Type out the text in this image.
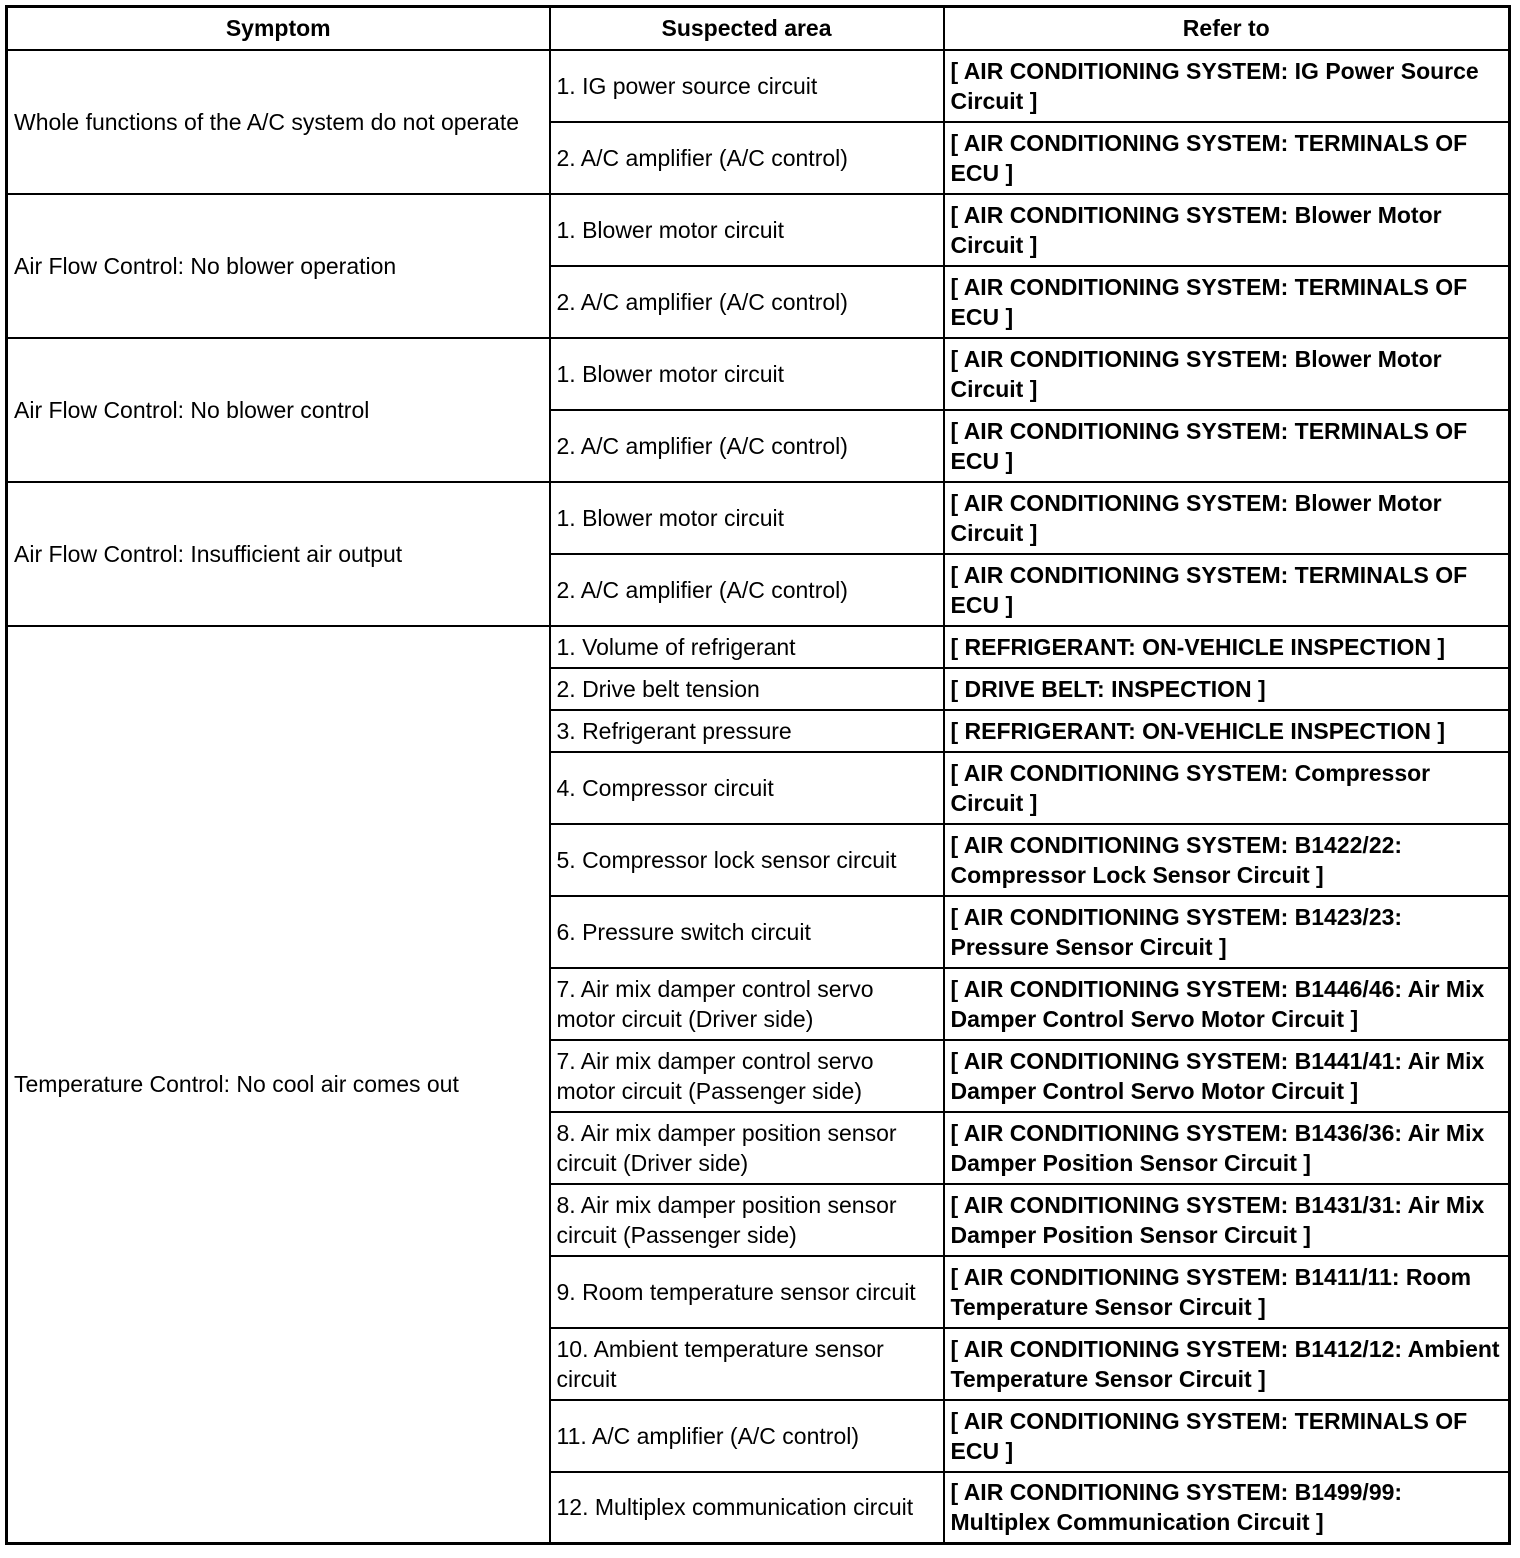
Symptom	Suspected area	Refer to
Whole functions of the A/C system do not operate	1. IG power source circuit	[ AIR CONDITIONING SYSTEM: IG Power Source Circuit ]
	2. A/C amplifier (A/C control)	[ AIR CONDITIONING SYSTEM: TERMINALS OF ECU ]
Air Flow Control: No blower operation	1. Blower motor circuit	[ AIR CONDITIONING SYSTEM: Blower Motor Circuit ]
	2. A/C amplifier (A/C control)	[ AIR CONDITIONING SYSTEM: TERMINALS OF ECU ]
Air Flow Control: No blower control	1. Blower motor circuit	[ AIR CONDITIONING SYSTEM: Blower Motor Circuit ]
	2. A/C amplifier (A/C control)	[ AIR CONDITIONING SYSTEM: TERMINALS OF ECU ]
Air Flow Control: Insufficient air output	1. Blower motor circuit	[ AIR CONDITIONING SYSTEM: Blower Motor Circuit ]
	2. A/C amplifier (A/C control)	[ AIR CONDITIONING SYSTEM: TERMINALS OF ECU ]
Temperature Control: No cool air comes out	1. Volume of refrigerant	[ REFRIGERANT: ON-VEHICLE INSPECTION ]
	2. Drive belt tension	[ DRIVE BELT: INSPECTION ]
	3. Refrigerant pressure	[ REFRIGERANT: ON-VEHICLE INSPECTION ]
	4. Compressor circuit	[ AIR CONDITIONING SYSTEM: Compressor Circuit ]
	5. Compressor lock sensor circuit	[ AIR CONDITIONING SYSTEM: B1422/22: Compressor Lock Sensor Circuit ]
	6. Pressure switch circuit	[ AIR CONDITIONING SYSTEM: B1423/23: Pressure Sensor Circuit ]
	7. Air mix damper control servo motor circuit (Driver side)	[ AIR CONDITIONING SYSTEM: B1446/46: Air Mix Damper Control Servo Motor Circuit ]
	7. Air mix damper control servo motor circuit (Passenger side)	[ AIR CONDITIONING SYSTEM: B1441/41: Air Mix Damper Control Servo Motor Circuit ]
	8. Air mix damper position sensor circuit (Driver side)	[ AIR CONDITIONING SYSTEM: B1436/36: Air Mix Damper Position Sensor Circuit ]
	8. Air mix damper position sensor circuit (Passenger side)	[ AIR CONDITIONING SYSTEM: B1431/31: Air Mix Damper Position Sensor Circuit ]
	9. Room temperature sensor circuit	[ AIR CONDITIONING SYSTEM: B1411/11: Room Temperature Sensor Circuit ]
	10. Ambient temperature sensor circuit	[ AIR CONDITIONING SYSTEM: B1412/12: Ambient Temperature Sensor Circuit ]
	11. A/C amplifier (A/C control)	[ AIR CONDITIONING SYSTEM: TERMINALS OF ECU ]
	12. Multiplex communication circuit	[ AIR CONDITIONING SYSTEM: B1499/99: Multiplex Communication Circuit ]
